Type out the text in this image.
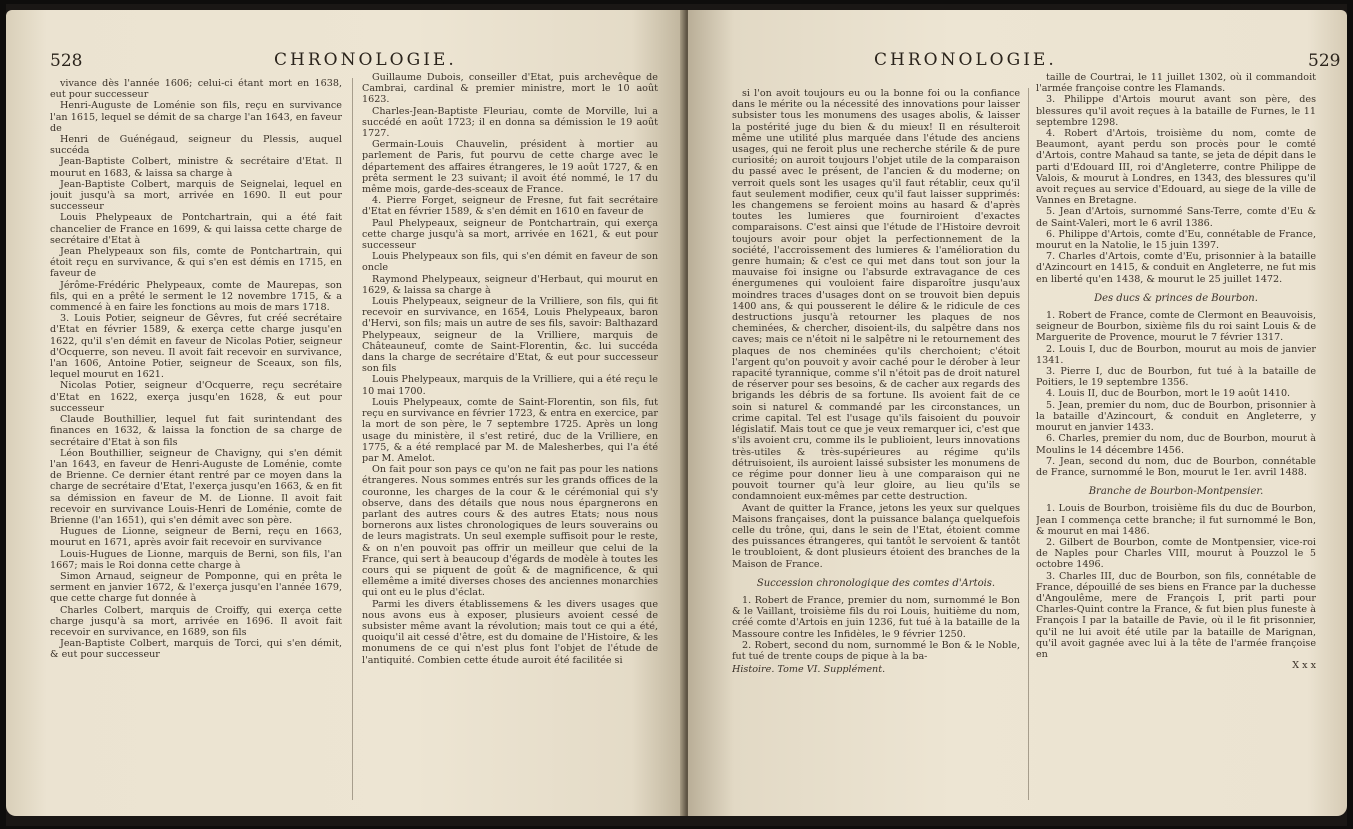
528	CHRONOLOGIE.

vivance dès l'année 1606; celui-ci étant mort en 1638, eut pour successeur

Henri-Auguste de Loménie son fils, reçu en survivance l'an 1615, lequel se démit de sa charge l'an 1643, en faveur de

Henri de Guénégaud, seigneur du Plessis, auquel succéda

Jean-Baptiste Colbert, ministre & secrétaire d'Etat. Il mourut en 1683, & laissa sa charge à

Jean-Baptiste Colbert, marquis de Seignelai, lequel en jouit jusqu'à sa mort, arrivée en 1690. Il eut pour successeur

Louis Phelypeaux de Pontchartrain, qui a été fait chancelier de France en 1699, & qui laissa cette charge de secrétaire d'Etat à

Jean Phelypeaux son fils, comte de Pontchartrain, qui étoit reçu en survivance, & qui s'en est démis en 1715, en faveur de

Jérôme-Frédéric Phelypeaux, comte de Maurepas, son fils, qui en a prêté le serment le 12 novembre 1715, & a commencé à en faire les fonctions au mois de mars 1718.

3. Louis Potier, seigneur de Gêvres, fut créé secrétaire d'Etat en février 1589, & exerça cette charge jusqu'en 1622, qu'il s'en démit en faveur de Nicolas Potier, seigneur d'Ocquerre, son neveu. Il avoit fait recevoir en survivance, l'an 1606, Antoine Potier, seigneur de Sceaux, son fils, lequel mourut en 1621.

Nicolas Potier, seigneur d'Ocquerre, reçu secrétaire d'Etat en 1622, exerça jusqu'en 1628, & eut pour successeur

Claude Bouthillier, lequel fut fait surintendant des finances en 1632, & laissa la fonction de sa charge de secrétaire d'Etat à son fils

Léon Bouthillier, seigneur de Chavigny, qui s'en démit l'an 1643, en faveur de Henri-Auguste de Loménie, comte de Brienne. Ce dernier étant rentré par ce moyen dans la charge de secrétaire d'Etat, l'exerça jusqu'en 1663, & en fit sa démission en faveur de M. de Lionne. Il avoit fait recevoir en survivance Louis-Henri de Loménie, comte de Brienne (l'an 1651), qui s'en démit avec son père.

Hugues de Lionne, seigneur de Berni, reçu en 1663, mourut en 1671, après avoir fait recevoir en survivance

Louis-Hugues de Lionne, marquis de Berni, son fils, l'an 1667; mais le Roi donna cette charge à

Simon Arnaud, seigneur de Pomponne, qui en prêta le serment en janvier 1672, & l'exerça jusqu'en l'année 1679, que cette charge fut donnée à

Charles Colbert, marquis de Croiffy, qui exerça cette charge jusqu'à sa mort, arrivée en 1696. Il avoit fait recevoir en survivance, en 1689, son fils

Jean-Baptiste Colbert, marquis de Torci, qui s'en démit, & eut pour successeur

Guillaume Dubois, conseiller d'Etat, puis archevêque de Cambrai, cardinal & premier ministre, mort le 10 août 1623.

Charles-Jean-Baptiste Fleuriau, comte de Morville, lui a succédé en août 1723; il en donna sa démission le 19 août 1727.

Germain-Louis Chauvelin, président à mortier au parlement de Paris, fut pourvu de cette charge avec le département des affaires étrangeres, le 19 août 1727, & en prêta serment le 23 suivant; il avoit été nommé, le 17 du même mois, garde-des-sceaux de France.

4. Pierre Forget, seigneur de Fresne, fut fait secrétaire d'Etat en février 1589, & s'en démit en 1610 en faveur de

Paul Phelypeaux, seigneur de Pontchartrain, qui exerça cette charge jusqu'à sa mort, arrivée en 1621, & eut pour successeur

Louis Phelypeaux son fils, qui s'en démit en faveur de son oncle

Raymond Phelypeaux, seigneur d'Herbaut, qui mourut en 1629, & laissa sa charge à

Louis Phelypeaux, seigneur de la Vrilliere, son fils, qui fit recevoir en survivance, en 1654, Louis Phelypeaux, baron d'Hervi, son fils; mais un autre de ses fils, savoir: Balthazard Phelypeaux, seigneur de la Vrilliere, marquis de Châteauneuf, comte de Saint-Florentin, &c. lui succéda dans la charge de secrétaire d'Etat, & eut pour successeur son fils

Louis Phelypeaux, marquis de la Vrilliere, qui a été reçu le 10 mai 1700.

Louis Phelypeaux, comte de Saint-Florentin, son fils, fut reçu en survivance en février 1723, & entra en exercice, par la mort de son père, le 7 septembre 1725. Après un long usage du ministère, il s'est retiré, duc de la Vrilliere, en 1775, & a été remplacé par M. de Malesherbes, qui l'a été par M. Amelot.

On fait pour son pays ce qu'on ne fait pas pour les nations étrangeres. Nous sommes entrés sur les grands offices de la couronne, les charges de la cour & le cérémonial qui s'y observe, dans des détails que nous nous épargnerons en parlant des autres cours & des autres Etats; nous nous bornerons aux listes chronologiques de leurs souverains ou de leurs magistrats. Un seul exemple suffisoit pour le reste, & on n'en pouvoit pas offrir un meilleur que celui de la France, qui sert à beaucoup d'égards de modèle à toutes les cours qui se piquent de goût & de magnificence, & qui ellemême a imité diverses choses des anciennes monarchies qui ont eu le plus d'éclat.

Parmi les divers établissemens & les divers usages que nous avons eus à exposer, plusieurs avoient cessé de subsister même avant la révolution; mais tout ce qui a été, quoiqu'il ait cessé d'être, est du domaine de l'Histoire, & les monumens de ce qui n'est plus font l'objet de l'étude de l'antiquité. Combien cette étude auroit été facilitée si

CHRONOLOGIE.	529

si l'on avoit toujours eu ou la bonne foi ou la confiance dans le mérite ou la nécessité des innovations pour laisser subsister tous les monumens des usages abolis, & laisser la postérité juge du bien & du mieux! Il en résulteroit même une utilité plus marquée dans l'étude des anciens usages, qui ne feroit plus une recherche stérile & de pure curiosité; on auroit toujours l'objet utile de la comparaison du passé avec le présent, de l'ancien & du moderne; on verroit quels sont les usages qu'il faut rétablir, ceux qu'il faut seulement modifier, ceux qu'il faut laisser supprimés: les changemens se feroient moins au hasard & d'après toutes les lumieres que fourniroient d'exactes comparaisons. C'est ainsi que l'étude de l'Histoire devroit toujours avoir pour objet la perfectionnement de la société, l'accroissement des lumieres & l'amélioration du genre humain; & c'est ce qui met dans tout son jour la mauvaise foi insigne ou l'absurde extravagance de ces énergumenes qui vouloient faire disparoître jusqu'aux moindres traces d'usages dont on se trouvoit bien depuis 1400 ans, & qui pousserent le délire & le ridicule de ces destructions jusqu'à retourner les plaques de nos cheminées, & chercher, disoient-ils, du salpêtre dans nos caves; mais ce n'étoit ni le salpêtre ni le retournement des plaques de nos cheminées qu'ils cherchoient; c'étoit l'argent qu'on pouvoit y avoir caché pour le dérober à leur rapacité tyrannique, comme s'il n'étoit pas de droit naturel de réserver pour ses besoins, & de cacher aux regards des brigands les débris de sa fortune. Ils avoient fait de ce soin si naturel & commandé par les circonstances, un crime capital. Tel est l'usage qu'ils faisoient du pouvoir législatif. Mais tout ce que je veux remarquer ici, c'est que s'ils avoient cru, comme ils le publioient, leurs innovations très-utiles & très-supérieures au régime qu'ils détruisoient, ils auroient laissé subsister les monumens de ce régime pour donner lieu à une comparaison qui ne pouvoit tourner qu'à leur gloire, au lieu qu'ils se condamnoient eux-mêmes par cette destruction.

Avant de quitter la France, jetons les yeux sur quelques Maisons françaises, dont la puissance balança quelquefois celle du trône, qui, dans le sein de l'Etat, étoient comme des puissances étrangeres, qui tantôt le servoient & tantôt le troubloient, & dont plusieurs étoient des branches de la Maison de France.

Succession chronologique des comtes d'Artois.

1. Robert de France, premier du nom, surnommé le Bon & le Vaillant, troisième fils du roi Louis, huitième du nom, créé comte d'Artois en juin 1236, fut tué à la bataille de la Massoure contre les Infidèles, le 9 février 1250.

2. Robert, second du nom, surnommé le Bon & le Noble, fut tué de trente coups de pique à la ba-

Histoire. Tome VI. Supplément.

taille de Courtrai, le 11 juillet 1302, où il commandoit l'armée françoise contre les Flamands.

3. Philippe d'Artois mourut avant son père, des blessures qu'il avoit reçues à la bataille de Furnes, le 11 septembre 1298.

4. Robert d'Artois, troisième du nom, comte de Beaumont, ayant perdu son procès pour le comté d'Artois, contre Mahaud sa tante, se jeta de dépit dans le parti d'Edouard III, roi d'Angleterre, contre Philippe de Valois, & mourut à Londres, en 1343, des blessures qu'il avoit reçues au service d'Edouard, au siege de la ville de Vannes en Bretagne.

5. Jean d'Artois, surnommé Sans-Terre, comte d'Eu & de Saint-Valeri, mort le 6 avril 1386.

6. Philippe d'Artois, comte d'Eu, connétable de France, mourut en la Natolie, le 15 juin 1397.

7. Charles d'Artois, comte d'Eu, prisonnier à la bataille d'Azincourt en 1415, & conduit en Angleterre, ne fut mis en liberté qu'en 1438, & mourut le 25 juillet 1472.

Des ducs & princes de Bourbon.

1. Robert de France, comte de Clermont en Beauvoisis, seigneur de Bourbon, sixième fils du roi saint Louis & de Marguerite de Provence, mourut le 7 février 1317.

2. Louis I, duc de Bourbon, mourut au mois de janvier 1341.

3. Pierre I, duc de Bourbon, fut tué à la bataille de Poitiers, le 19 septembre 1356.

4. Louis II, duc de Bourbon, mort le 19 août 1410.

5. Jean, premier du nom, duc de Bourbon, prisonnier à la bataille d'Azincourt, & conduit en Angleterre, y mourut en janvier 1433.

6. Charles, premier du nom, duc de Bourbon, mourut à Moulins le 14 décembre 1456.

7. Jean, second du nom, duc de Bourbon, connétable de France, surnommé le Bon, mourut le 1er. avril 1488.

Branche de Bourbon-Montpensier.

1. Louis de Bourbon, troisième fils du duc de Bourbon, Jean I commença cette branche; il fut surnommé le Bon, & mourut en mai 1486.

2. Gilbert de Bourbon, comte de Montpensier, vice-roi de Naples pour Charles VIII, mourut à Pouzzol le 5 octobre 1496.

3. Charles III, duc de Bourbon, son fils, connétable de France, dépouillé de ses biens en France par la duchesse d'Angoulême, mere de François I, prit parti pour Charles-Quint contre la France, & fut bien plus funeste à François I par la bataille de Pavie, où il le fit prisonnier, qu'il ne lui avoit été utile par la bataille de Marignan, qu'il avoit gagnée avec lui à la tête de l'armée françoise en

X x x
